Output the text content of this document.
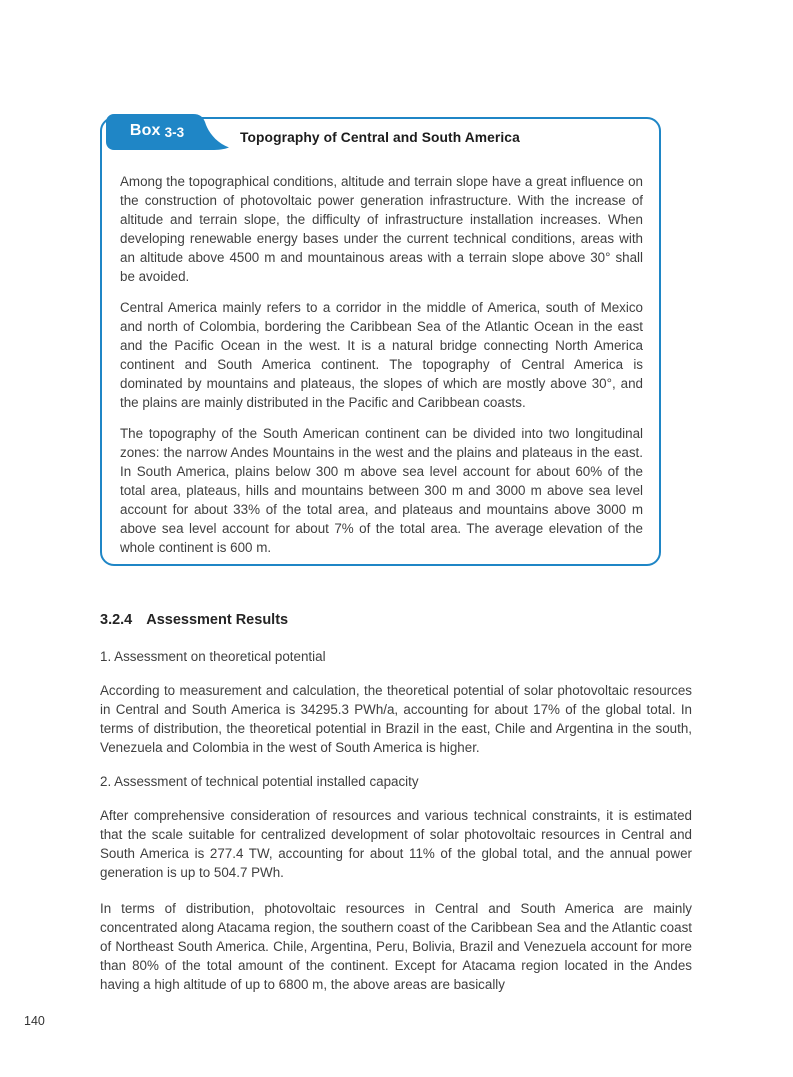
Box 3-3	Topography of Central and South America

Among the topographical conditions, altitude and terrain slope have a great influence on the construction of photovoltaic power generation infrastructure. With the increase of altitude and terrain slope, the difficulty of infrastructure installation increases. When developing renewable energy bases under the current technical conditions, areas with an altitude above 4500 m and mountainous areas with a terrain slope above 30° shall be avoided.

Central America mainly refers to a corridor in the middle of America, south of Mexico and north of Colombia, bordering the Caribbean Sea of the Atlantic Ocean in the east and the Pacific Ocean in the west. It is a natural bridge connecting North America continent and South America continent. The topography of Central America is dominated by mountains and plateaus, the slopes of which are mostly above 30°, and the plains are mainly distributed in the Pacific and Caribbean coasts.

The topography of the South American continent can be divided into two longitudinal zones: the narrow Andes Mountains in the west and the plains and plateaus in the east. In South America, plains below 300 m above sea level account for about 60% of the total area, plateaus, hills and mountains between 300 m and 3000 m above sea level account for about 33% of the total area, and plateaus and mountains above 3000 m above sea level account for about 7% of the total area. The average elevation of the whole continent is 600 m.

3.2.4 Assessment Results
1. Assessment on theoretical potential

According to measurement and calculation, the theoretical potential of solar photovoltaic resources in Central and South America is 34295.3 PWh/a, accounting for about 17% of the global total. In terms of distribution, the theoretical potential in Brazil in the east, Chile and Argentina in the south, Venezuela and Colombia in the west of South America is higher.

2. Assessment of technical potential installed capacity

After comprehensive consideration of resources and various technical constraints, it is estimated that the scale suitable for centralized development of solar photovoltaic resources in Central and South America is 277.4 TW, accounting for about 11% of the global total, and the annual power generation is up to 504.7 PWh.

In terms of distribution, photovoltaic resources in Central and South America are mainly concentrated along Atacama region, the southern coast of the Caribbean Sea and the Atlantic coast of Northeast South America. Chile, Argentina, Peru, Bolivia, Brazil and Venezuela account for more than 80% of the total amount of the continent. Except for Atacama region located in the Andes having a high altitude of up to 6800 m, the above areas are basically

140
